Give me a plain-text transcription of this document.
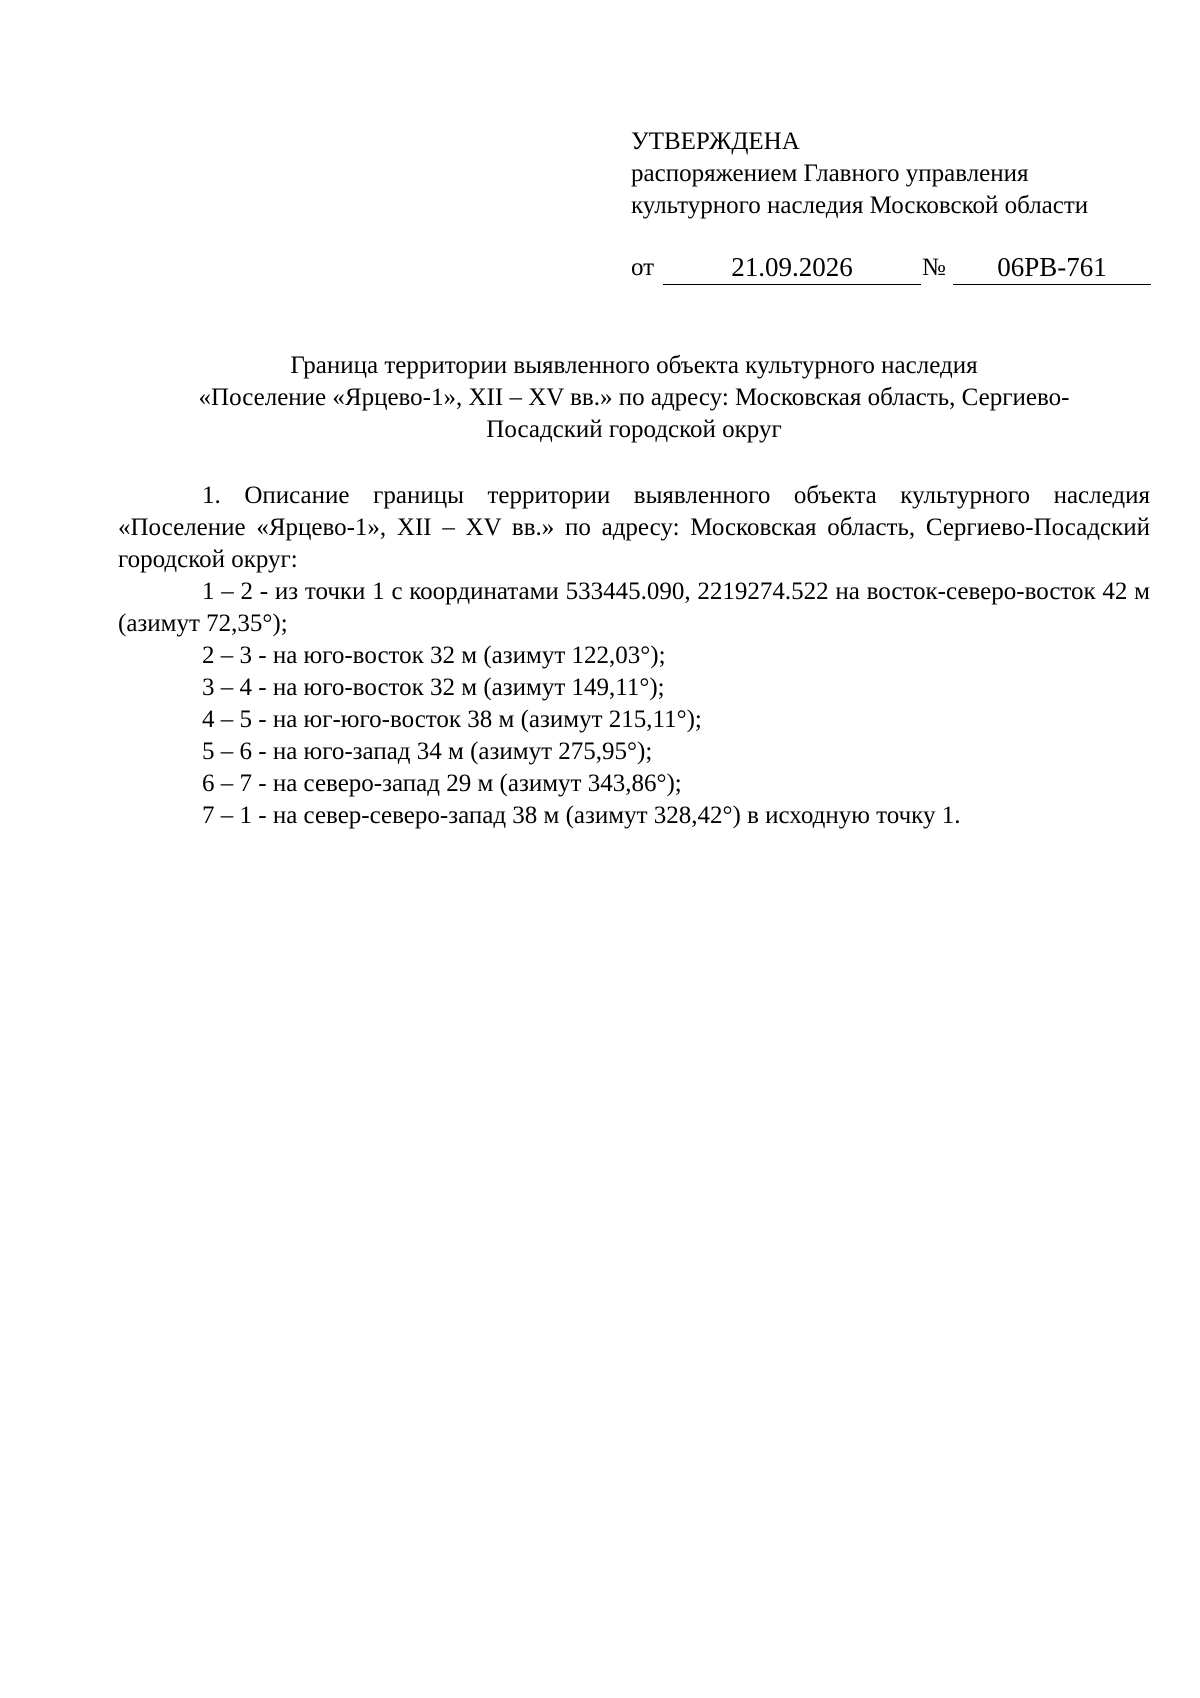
УТВЕРЖДЕНА
распоряжением Главного управления
культурного наследия Московской области
от	21.09.2026	№	06РВ-761
Граница территории выявленного объекта культурного наследия
«Поселение «Ярцево-1», XII – XV вв.» по адресу: Московская область, Сергиево-
Посадский городской округ

1. Описание границы территории выявленного объекта культурного наследия «Поселение «Ярцево-1», XII – XV вв.» по адресу: Московская область, Сергиево-Посадский городской округ:

1 – 2 - из точки 1 с координатами 533445.090, 2219274.522 на восток-северо-восток 42 м (азимут 72,35°);

2 – 3 - на юго-восток 32 м (азимут 122,03°);

3 – 4 - на юго-восток 32 м (азимут 149,11°);

4 – 5 - на юг-юго-восток 38 м (азимут 215,11°);

5 – 6 - на юго-запад 34 м (азимут 275,95°);

6 – 7 - на северо-запад 29 м (азимут 343,86°);

7 – 1 - на север-северо-запад 38 м (азимут 328,42°) в исходную точку 1.
